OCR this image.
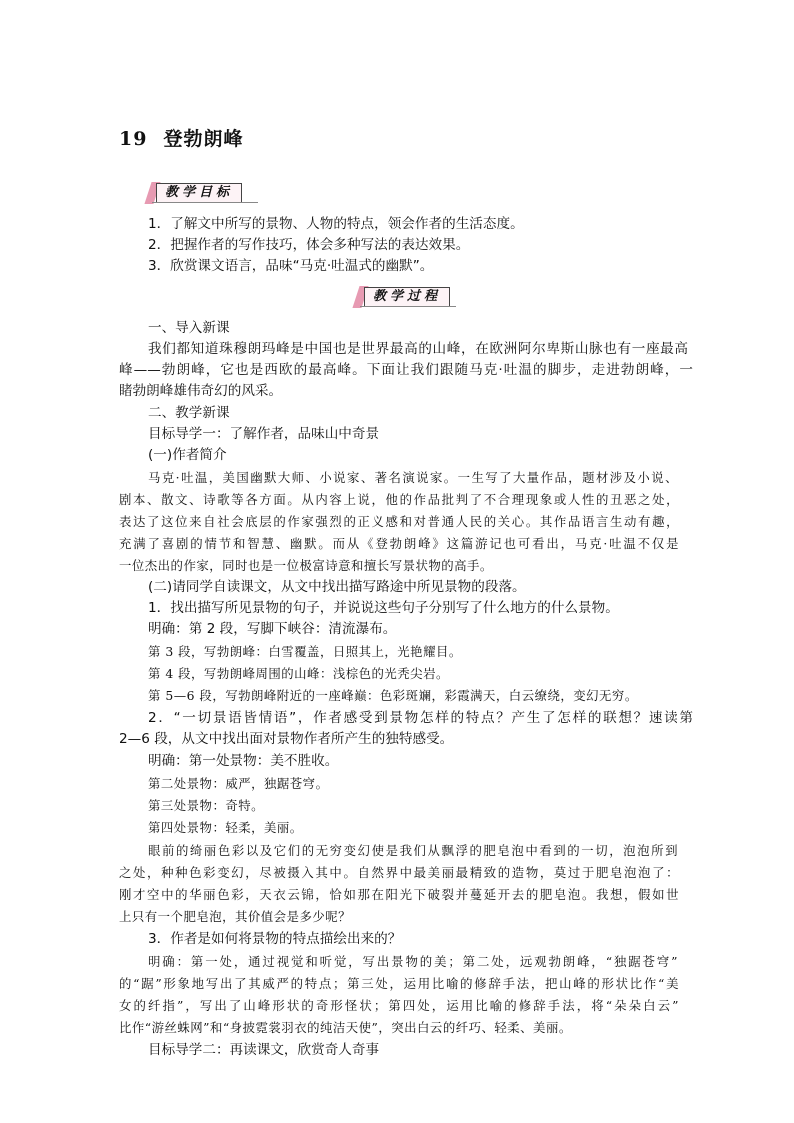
19 登勃朗峰
教学目标
1．了解文中所写的景物、人物的特点，领会作者的生活态度。
2．把握作者的写作技巧，体会多种写法的表达效果。
3．欣赏课文语言，品味“马克·吐温式的幽默”。
教学过程
一、导入新课
我们都知道珠穆朗玛峰是中国也是世界最高的山峰，在欧洲阿尔卑斯山脉也有一座最高
峰——勃朗峰，它也是西欧的最高峰。下面让我们跟随马克·吐温的脚步，走进勃朗峰，一
睹勃朗峰雄伟奇幻的风采。
二、教学新课
目标导学一：了解作者，品味山中奇景
(一)作者简介
马克·吐温，美国幽默大师、小说家、著名演说家。一生写了大量作品，题材涉及小说、
剧本、散文、诗歌等各方面。从内容上说，他的作品批判了不合理现象或人性的丑恶之处，
表达了这位来自社会底层的作家强烈的正义感和对普通人民的关心。其作品语言生动有趣，
充满了喜剧的情节和智慧、幽默。而从《登勃朗峰》这篇游记也可看出，马克·吐温不仅是
一位杰出的作家，同时也是一位极富诗意和擅长写景状物的高手。
(二)请同学自读课文，从文中找出描写路途中所见景物的段落。
1．找出描写所见景物的句子，并说说这些句子分别写了什么地方的什么景物。
明确：第 2 段，写脚下峡谷：清流瀑布。
第 3 段，写勃朗峰：白雪覆盖，日照其上，光艳耀目。
第 4 段，写勃朗峰周围的山峰：浅棕色的光秃尖岩。
第 5—6 段，写勃朗峰附近的一座峰巅：色彩斑斓，彩霞满天，白云缭绕，变幻无穷。
2．“一切景语皆情语”，作者感受到景物怎样的特点？产生了怎样的联想？速读第
2—6 段，从文中找出面对景物作者所产生的独特感受。
明确：第一处景物：美不胜收。
第二处景物：威严，独踞苍穹。
第三处景物：奇特。
第四处景物：轻柔，美丽。
眼前的绮丽色彩以及它们的无穷变幻使是我们从飘浮的肥皂泡中看到的一切，泡泡所到
之处，种种色彩变幻，尽被摄入其中。自然界中最美丽最精致的造物，莫过于肥皂泡泡了：
刚才空中的华丽色彩，天衣云锦，恰如那在阳光下破裂并蔓延开去的肥皂泡。我想，假如世
上只有一个肥皂泡，其价值会是多少呢？
3．作者是如何将景物的特点描绘出来的？
明确：第一处，通过视觉和听觉，写出景物的美；第二处，远观勃朗峰，“独踞苍穹”
的“踞”形象地写出了其威严的特点；第三处，运用比喻的修辞手法，把山峰的形状比作“美
女的纤指”，写出了山峰形状的奇形怪状；第四处，运用比喻的修辞手法，将“朵朵白云”
比作“游丝蛛网”和“身披霓裳羽衣的纯洁天使”，突出白云的纤巧、轻柔、美丽。
目标导学二：再读课文，欣赏奇人奇事
